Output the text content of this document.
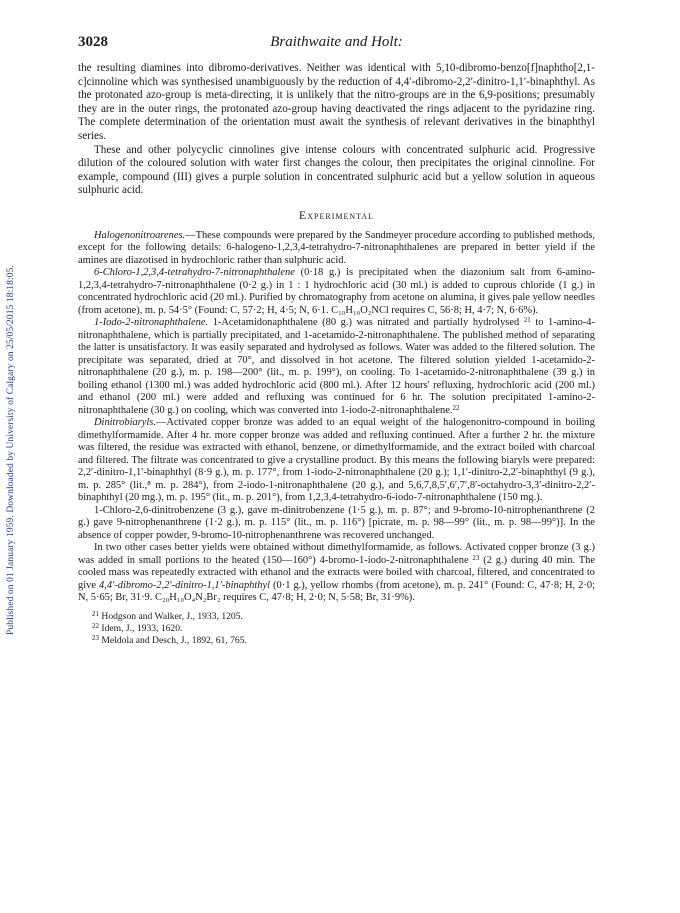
Published on 01 January 1959. Downloaded by University of Calgary on 25/05/2015 18:18:05.
3028	Braithwaite and Holt:

the resulting diamines into dibromo-derivatives. Neither was identical with 5,10-dibromo-benzo[f]naphtho[2,1-c]cinnoline which was synthesised unambiguously by the reduction of 4,4′-dibromo-2,2′-dinitro-1,1′-binaphthyl. As the protonated azo-group is meta-directing, it is unlikely that the nitro-groups are in the 6,9-positions; presumably they are in the outer rings, the protonated azo-group having deactivated the rings adjacent to the pyridazine ring. The complete determination of the orientation must await the synthesis of relevant derivatives in the binaphthyl series.

These and other polycyclic cinnolines give intense colours with concentrated sulphuric acid. Progressive dilution of the coloured solution with water first changes the colour, then precipitates the original cinnoline. For example, compound (III) gives a purple solution in concentrated sulphuric acid but a yellow solution in aqueous sulphuric acid.

Experimental

Halogenonitroarenes.—These compounds were prepared by the Sandmeyer procedure according to published methods, except for the following details: 6-halogeno-1,2,3,4-tetrahydro-7-nitronaphthalenes are prepared in better yield if the amines are diazotised in hydrochloric rather than sulphuric acid.

6-Chloro-1,2,3,4-tetrahydro-7-nitronaphthalene (0·18 g.) is precipitated when the diazonium salt from 6-amino-1,2,3,4-tetrahydro-7-nitronaphthalene (0·2 g.) in 1 : 1 hydrochloric acid (30 ml.) is added to cuprous chloride (1 g.) in concentrated hydrochloric acid (20 ml.). Purified by chromatography from acetone on alumina, it gives pale yellow needles (from acetone), m. p. 54·5° (Found: C, 57·2; H, 4·5; N, 6·1. C₁₀H₁₀O₂NCl requires C, 56·8; H, 4·7; N, 6·6%).

1-Iodo-2-nitronaphthalene. 1-Acetamidonaphthalene (80 g.) was nitrated and partially hydrolysed $^{21}$ to 1-amino-4-nitronaphthalene, which is partially precipitated, and 1-acetamido-2-nitronaphthalene. The published method of separating the latter is unsatisfactory. It was easily separated and hydrolysed as follows. Water was added to the filtered solution. The precipitate was separated, dried at 70°, and dissolved in hot acetone. The filtered solution yielded 1-acetamido-2-nitronaphthalene (20 g.), m. p. 198—200° (lit., m. p. 199°), on cooling. To 1-acetamido-2-nitronaphthalene (39 g.) in boiling ethanol (1300 ml.) was added hydrochloric acid (800 ml.). After 12 hours' refluxing, hydrochloric acid (200 ml.) and ethanol (200 ml.) were added and refluxing was continued for 6 hr. The solution precipitated 1-amino-2-nitronaphthalene (30 g.) on cooling, which was converted into 1-iodo-2-nitronaphthalene.$^{22}$

Dinitrobiaryls.—Activated copper bronze was added to an equal weight of the halogenonitro-compound in boiling dimethylformamide. After 4 hr. more copper bronze was added and refluxing continued. After a further 2 hr. the mixture was filtered, the residue was extracted with ethanol, benzene, or dimethylformamide, and the extract boiled with charcoal and filtered. The filtrate was concentrated to give a crystalline product. By this means the following biaryls were prepared: 2,2′-dinitro-1,1′-binaphthyl (8·9 g.), m. p. 177°, from 1-iodo-2-nitronaphthalene (20 g.); 1,1′-dinitro-2,2′-binaphthyl (9 g.), m. p. 285° (lit.,⁸ m. p. 284°), from 2-iodo-1-nitronaphthalene (20 g.), and 5,6,7,8,5′,6′,7′,8′-octahydro-3,3′-dinitro-2,2′-binaphthyl (20 mg.), m. p. 195° (lit., m. p. 201°), from 1,2,3,4-tetrahydro-6-iodo-7-nitronaphthalene (150 mg.).

1-Chloro-2,6-dinitrobenzene (3 g.), gave m-dinitrobenzene (1·5 g.), m. p. 87°; and 9-bromo-10-nitrophenanthrene (2 g.) gave 9-nitrophenanthrene (1·2 g.), m. p. 115° (lit., m. p. 116°) [picrate, m. p. 98—99° (lit., m. p. 98—99°)]. In the absence of copper powder, 9-bromo-10-nitrophenanthrene was recovered unchanged.

In two other cases better yields were obtained without dimethylformamide, as follows. Activated copper bronze (3 g.) was added in small portions to the heated (150—160°) 4-bromo-1-iodo-2-nitronaphthalene $^{23}$ (2 g.) during 40 min. The cooled mass was repeatedly extracted with ethanol and the extracts were boiled with charcoal, filtered, and concentrated to give 4,4′-dibromo-2,2′-dinitro-1,1′-binaphthyl (0·1 g.), yellow rhombs (from acetone), m. p. 241° (Found: C, 47·8; H, 2·0; N, 5·65; Br, 31·9. C₂₀H₁₀O₄N₂Br₂ requires C, 47·8; H, 2·0; N, 5·58; Br, 31·9%).

$^{21}$ Hodgson and Walker, J., 1933, 1205.
$^{22}$ Idem, J., 1933, 1620.
$^{23}$ Meldola and Desch, J., 1892, 61, 765.
